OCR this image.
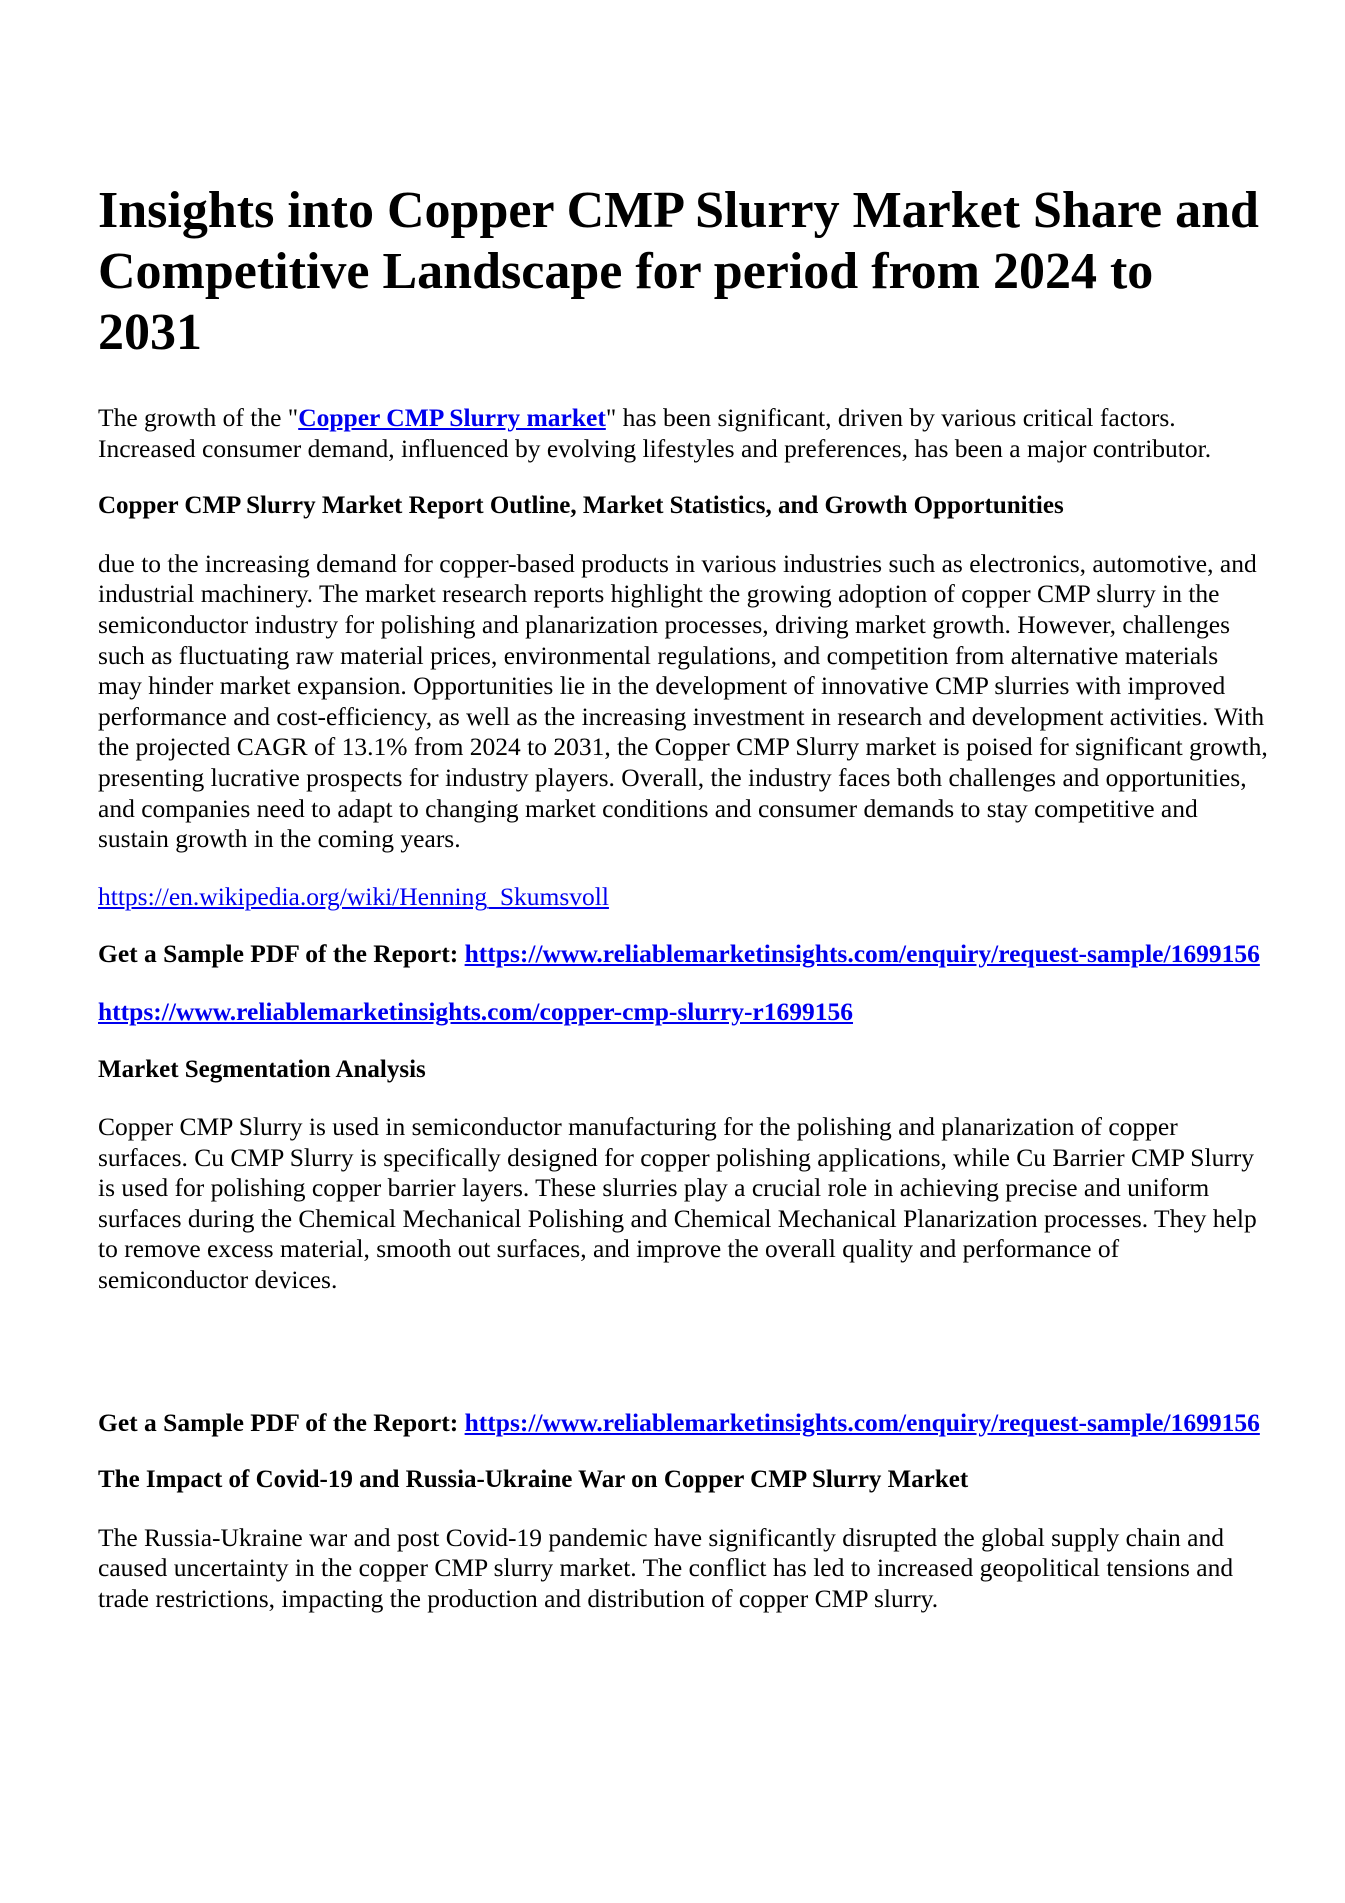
Insights into Copper CMP Slurry Market Share and Competitive Landscape for period from 2024 to 2031

The growth of the "Copper CMP Slurry market" has been significant, driven by various critical factors. Increased consumer demand, influenced by evolving lifestyles and preferences, has been a major contributor.

Copper CMP Slurry Market Report Outline, Market Statistics, and Growth Opportunities

due to the increasing demand for copper-based products in various industries such as electronics, automotive, and industrial machinery. The market research reports highlight the growing adoption of copper CMP slurry in the semiconductor industry for polishing and planarization processes, driving market growth. However, challenges such as fluctuating raw material prices, environmental regulations, and competition from alternative materials may hinder market expansion. Opportunities lie in the development of innovative CMP slurries with improved performance and cost-efficiency, as well as the increasing investment in research and development activities. With the projected CAGR of 13.1% from 2024 to 2031, the Copper CMP Slurry market is poised for significant growth, presenting lucrative prospects for industry players. Overall, the industry faces both challenges and opportunities, and companies need to adapt to changing market conditions and consumer demands to stay competitive and sustain growth in the coming years.

https://en.wikipedia.org/wiki/Henning_Skumsvoll

Get a Sample PDF of the Report: https://www.reliablemarketinsights.com/enquiry/request-sample/1699156

https://www.reliablemarketinsights.com/copper-cmp-slurry-r1699156

Market Segmentation Analysis

Copper CMP Slurry is used in semiconductor manufacturing for the polishing and planarization of copper surfaces. Cu CMP Slurry is specifically designed for copper polishing applications, while Cu Barrier CMP Slurry is used for polishing copper barrier layers. These slurries play a crucial role in achieving precise and uniform surfaces during the Chemical Mechanical Polishing and Chemical Mechanical Planarization processes. They help to remove excess material, smooth out surfaces, and improve the overall quality and performance of semiconductor devices.

Get a Sample PDF of the Report: https://www.reliablemarketinsights.com/enquiry/request-sample/1699156

The Impact of Covid-19 and Russia-Ukraine War on Copper CMP Slurry Market

The Russia-Ukraine war and post Covid-19 pandemic have significantly disrupted the global supply chain and caused uncertainty in the copper CMP slurry market. The conflict has led to increased geopolitical tensions and trade restrictions, impacting the production and distribution of copper CMP slurry.
